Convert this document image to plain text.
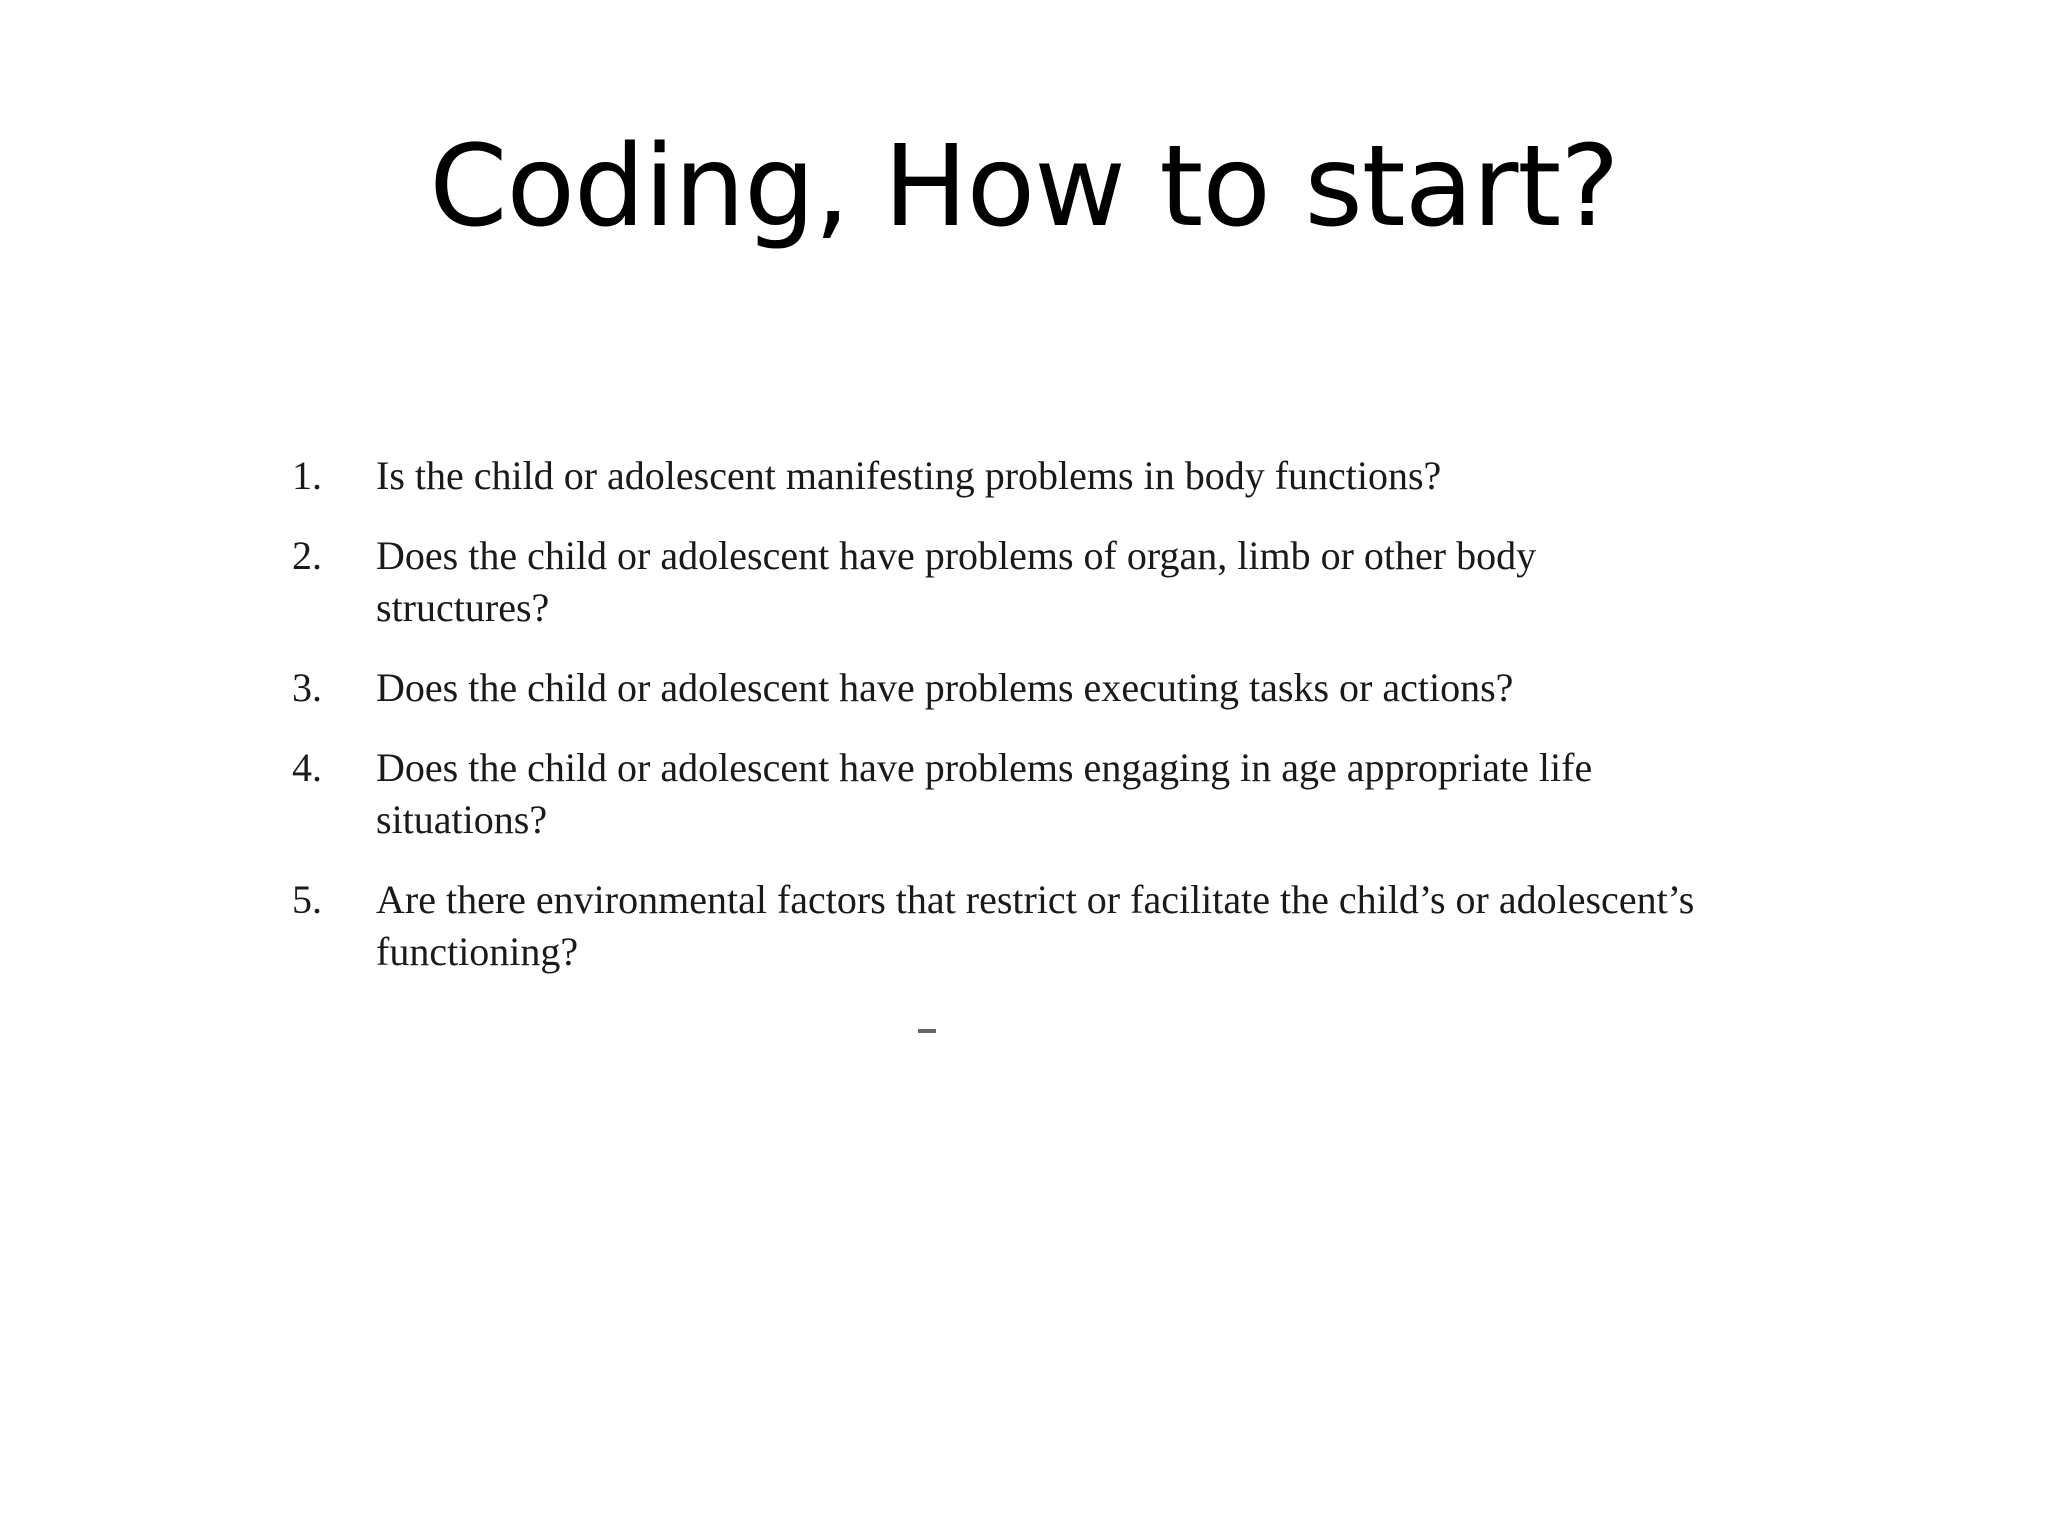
Coding, How to start?
1.	Is the child or adolescent manifesting problems in body functions?
2.	Does the child or adolescent have problems of organ, limb or other body structures?
3.	Does the child or adolescent have problems executing tasks or actions?
4.	Does the child or adolescent have problems engaging in age appropriate life situations?
5.	Are there environmental factors that restrict or facilitate the child’s or adolescent’s functioning?
